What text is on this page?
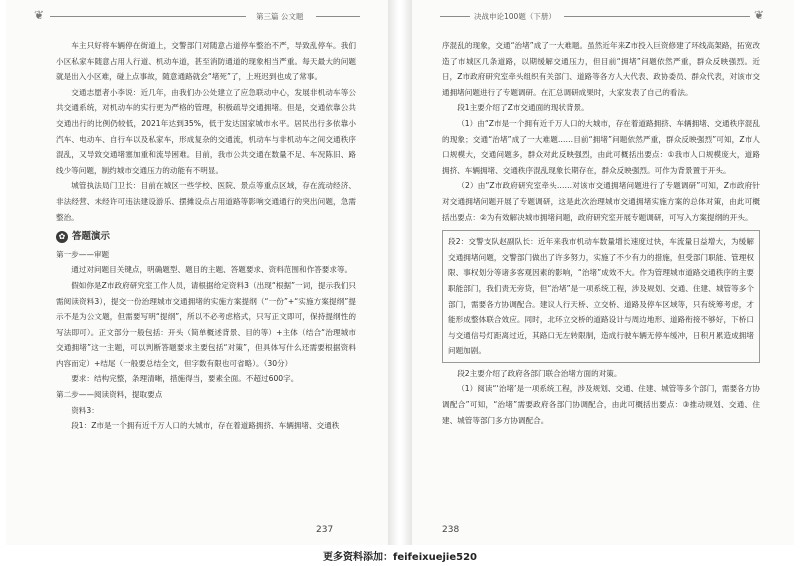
❦	第三篇 公文题

车主只好将车辆停在街道上，交警部门对随意占道停车整治不严，导致乱停车。我们小区私家车随意占用人行道、机动车道，甚至消防通道的现象相当严重。每天最大的问题就是出入小区难，碰上点事故，随意通路就会“堵死”了，上班迟到也成了常事。

交通志愿者小李说：近几年，由我们办公处建立了应急联动中心，发展非机动车等公共交通系统，对机动车的实行更为严格的管理，积极疏导交通拥堵。但是，交通依靠公共交通出行的比例仍较低，2021年达到35%，低于发达国家城市水平。居民出行多依靠小汽车、电动车、自行车以及私家车，形成复杂的交通流，机动车与非机动车之间交通秩序混乱，又导致交通堵塞加重和流导困难。目前，我市公共交通在数量不足、车况陈旧、路线少等问题，制约城市交通压力的动能有不明显。

城管执法局门卫长：目前在城区一些学校、医院、景点等重点区域，存在流动经济、非法经营、未经许可违法建设游乐、摆摊设点占用道路等影响交通通行的突出问题，急需整治。

✿ 答题演示

第一步——审题

通过对问题目关键点，明确题型、题目的主题、答题要求、资料范围和作答要求等。

假如你是Z市政府研究室工作人员，请根据给定资料3（出现“根据”一词，提示我们只需阅读资料3），提交一份治理城市交通拥堵的实施方案提纲（“一份”+“实施方案提纲”提示不是为公文题，但需要写明“提纲”，所以不必考虑格式，只写正文即可，保持提纲性的写法即可）。正文部分一般包括：开头（简单概述背景、目的等）+主体（结合“治理城市交通拥堵”这一主题，可以判断答题要求主要包括“对策”，但具体写什么还需要根据资料内容而定）+结尾（一般要总结全文，但字数有限也可省略）。（30分）

要求：结构完整，条理清晰，措施得当，要素全面。不超过600字。

第二步——阅读资料，提取要点

资料3：

段1：Z市是一个拥有近千万人口的大城市，存在着道路拥挤、车辆拥堵、交通秩

237
决战申论100题（下册）	❦

序混乱的现象，交通“治堵”成了一大难题。虽然近年来Z市投入巨资修建了环线高架路，拓宽改造了市城区几条道路，以期缓解交通压力，但目前“拥堵”问题依然严重，群众反映强烈。近日，Z市政府研究室牵头组织有关部门、道路等各方人大代表、政协委员、群众代表，对该市交通拥堵问题进行了专题调研。在汇总调研成果时，大家发表了自己的看法。

段1主要介绍了Z市交通面的现状背景。

（1）由“Z市是一个拥有近千万人口的大城市，存在着道路拥挤、车辆拥堵、交通秩序混乱的现象；交通“治堵”成了一大难题……目前“拥堵”问题依然严重，群众反映强烈”可知，Z市人口规模大，交通问题多，群众对此反映强烈，由此可概括出要点：①我市人口规模庞大，道路拥挤、车辆拥堵、交通秩序混乱现象长期存在，群众反映强烈。可作为背景置于开头。

（2）由“Z市政府研究室牵头……对该市交通拥堵问题进行了专题调研”可知，Z市政府针对交通拥堵问题开展了专题调研，这是此次治理城市交通拥堵实施方案的总体对策，由此可概括出要点：②为有效解决城市拥堵问题，政府研究室开展专题调研，可写入方案提纲的开头。

段2：交警支队赵副队长：近年来我市机动车数量增长速度过快，车流量日益增大，为缓解交通拥堵问题，交警部门做出了许多努力，实施了不少有力的措施，但受部门职能、管理权限、事权划分等诸多客观因素的影响，“治堵”成效不大。作为管理城市道路交通秩序的主要职能部门，我们责无旁贷，但“治堵”是一项系统工程，涉及规划、交通、住建、城管等多个部门，需要各方协调配合。建议人行天桥、立交桥、道路及停车区域等，只有统筹考虑，才能形成整体联合效应。同时，北环立交桥的道路设计与周边地形、道路衔接不够好，下桥口与交通信号灯距离过近，其路口无左转限制，造成行驶车辆无停车缓冲，日积月累造成拥堵问题加剧。

段2主要介绍了政府各部门联合治堵方面的对策。

（1）阅读“‘治堵’是一项系统工程，涉及规划、交通、住建、城管等多个部门，需要各方协调配合”可知，“治堵”需要政府各部门协调配合，由此可概括出要点：③推动规划、交通、住建、城管等部门多方协调配合。

238
更多资料添加：feifeixuejie520
